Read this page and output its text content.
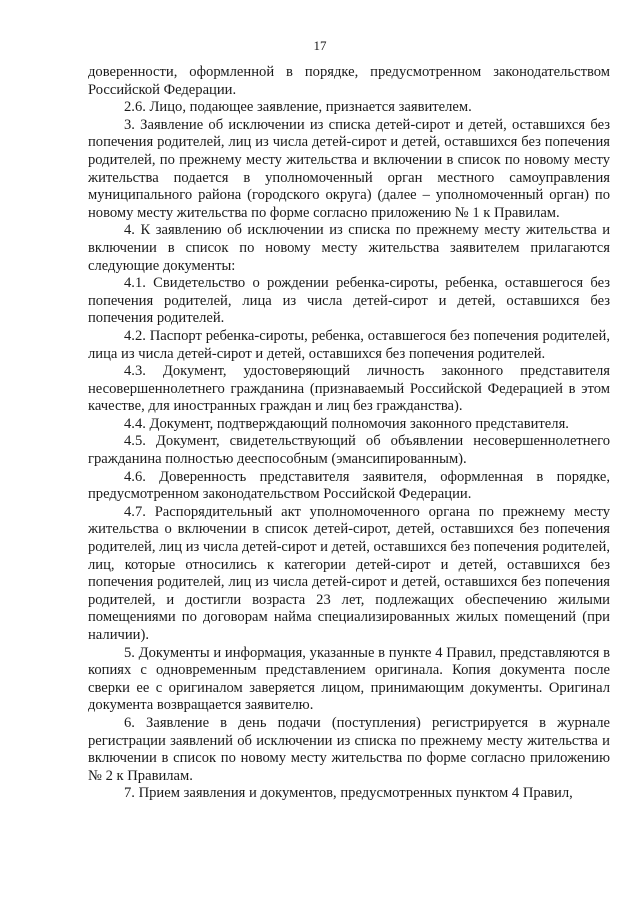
17

доверенности, оформленной в порядке, предусмотренном законодательством Российской Федерации.

2.6. Лицо, подающее заявление, признается заявителем.

3. Заявление об исключении из списка детей-сирот и детей, оставшихся без попечения родителей, лиц из числа детей-сирот и детей, оставшихся без попечения родителей, по прежнему месту жительства и включении в список по новому месту жительства подается в уполномоченный орган местного самоуправления муниципального района (городского округа) (далее – уполномоченный орган) по новому месту жительства по форме согласно приложению № 1 к Правилам.

4. К заявлению об исключении из списка по прежнему месту жительства и включении в список по новому месту жительства заявителем прилагаются следующие документы:

4.1. Свидетельство о рождении ребенка-сироты, ребенка, оставшегося без попечения родителей, лица из числа детей-сирот и детей, оставшихся без попечения родителей.

4.2. Паспорт ребенка-сироты, ребенка, оставшегося без попечения родителей, лица из числа детей-сирот и детей, оставшихся без попечения родителей.

4.3. Документ, удостоверяющий личность законного представителя несовершеннолетнего гражданина (признаваемый Российской Федерацией в этом качестве, для иностранных граждан и лиц без гражданства).

4.4. Документ, подтверждающий полномочия законного представителя.

4.5. Документ, свидетельствующий об объявлении несовершеннолетнего гражданина полностью дееспособным (эмансипированным).

4.6. Доверенность представителя заявителя, оформленная в порядке, предусмотренном законодательством Российской Федерации.

4.7. Распорядительный акт уполномоченного органа по прежнему месту жительства о включении в список детей-сирот, детей, оставшихся без попечения родителей, лиц из числа детей-сирот и детей, оставшихся без попечения родителей, лиц, которые относились к категории детей-сирот и детей, оставшихся без попечения родителей, лиц из числа детей-сирот и детей, оставшихся без попечения родителей, и достигли возраста 23 лет, подлежащих обеспечению жилыми помещениями по договорам найма специализированных жилых помещений (при наличии).

5. Документы и информация, указанные в пункте 4 Правил, представляются в копиях с одновременным представлением оригинала. Копия документа после сверки ее с оригиналом заверяется лицом, принимающим документы. Оригинал документа возвращается заявителю.

6. Заявление в день подачи (поступления) регистрируется в журнале регистрации заявлений об исключении из списка по прежнему месту жительства и включении в список по новому месту жительства по форме согласно приложению № 2 к Правилам.

7. Прием заявления и документов, предусмотренных пунктом 4 Правил,
